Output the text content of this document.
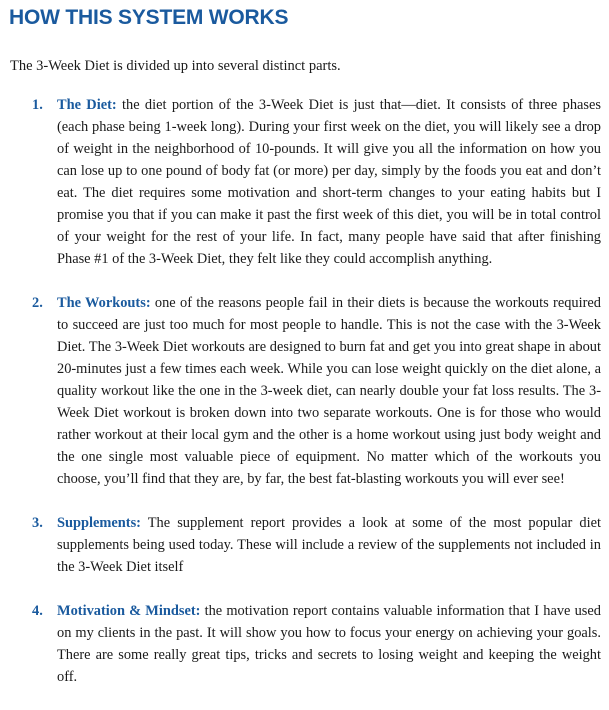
HOW THIS SYSTEM WORKS

The 3-Week Diet is divided up into several distinct parts.

1. The Diet: the diet portion of the 3-Week Diet is just that—diet. It consists of three phases (each phase being 1-week long). During your first week on the diet, you will likely see a drop of weight in the neighborhood of 10-pounds. It will give you all the information on how you can lose up to one pound of body fat (or more) per day, simply by the foods you eat and don’t eat. The diet requires some motivation and short-term changes to your eating habits but I promise you that if you can make it past the first week of this diet, you will be in total control of your weight for the rest of your life. In fact, many people have said that after finishing Phase #1 of the 3-Week Diet, they felt like they could accomplish anything.
2. The Workouts: one of the reasons people fail in their diets is because the workouts required to succeed are just too much for most people to handle. This is not the case with the 3-Week Diet. The 3-Week Diet workouts are designed to burn fat and get you into great shape in about 20-minutes just a few times each week. While you can lose weight quickly on the diet alone, a quality workout like the one in the 3-week diet, can nearly double your fat loss results. The 3-Week Diet workout is broken down into two separate workouts. One is for those who would rather workout at their local gym and the other is a home workout using just body weight and the one single most valuable piece of equipment. No matter which of the workouts you choose, you’ll find that they are, by far, the best fat-blasting workouts you will ever see!
3. Supplements: The supplement report provides a look at some of the most popular diet supplements being used today. These will include a review of the supplements not included in the 3-Week Diet itself
4. Motivation & Mindset: the motivation report contains valuable information that I have used on my clients in the past. It will show you how to focus your energy on achieving your goals. There are some really great tips, tricks and secrets to losing weight and keeping the weight off.
